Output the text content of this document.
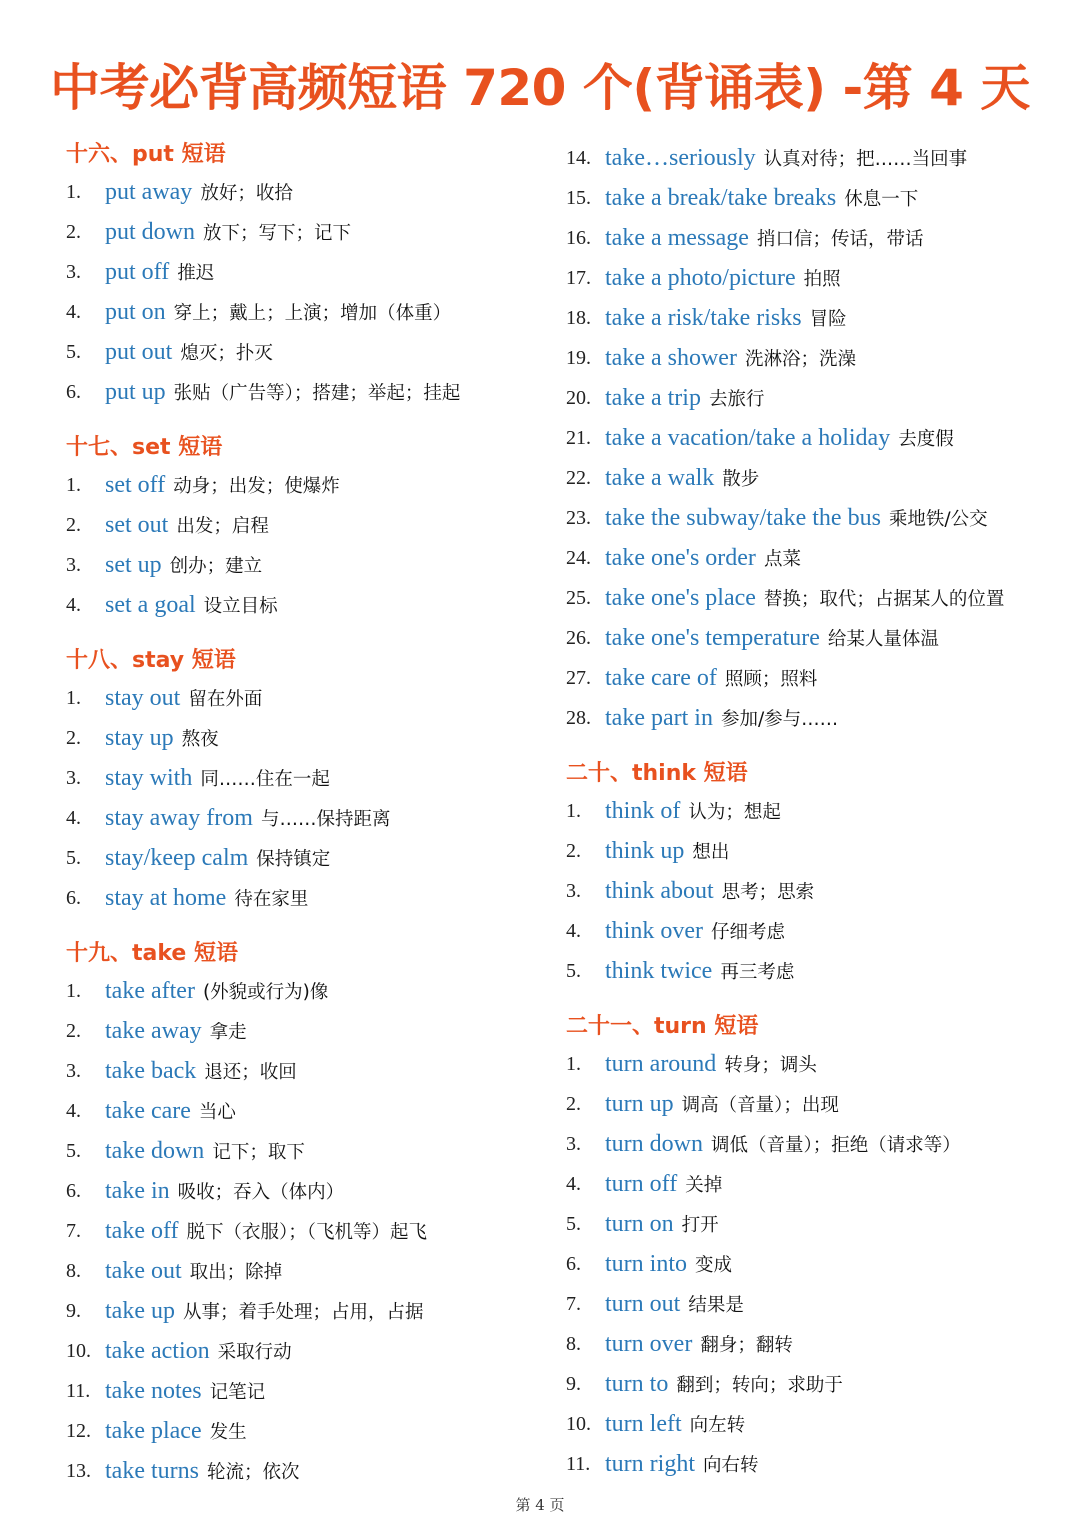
中考必背高频短语 720 个(背诵表) -第 4 天
十六、put 短语
1. put away 放好；收拾
2. put down 放下；写下；记下
3. put off 推迟
4. put on 穿上；戴上；上演；增加（体重）
5. put out 熄灭；扑灭
6. put up 张贴（广告等）；搭建；举起；挂起
十七、set 短语
1. set off 动身；出发；使爆炸
2. set out 出发；启程
3. set up 创办；建立
4. set a goal 设立目标
十八、stay 短语
1. stay out 留在外面
2. stay up 熬夜
3. stay with 同……住在一起
4. stay away from 与……保持距离
5. stay/keep calm 保持镇定
6. stay at home 待在家里
十九、take 短语
1. take after (外貌或行为)像
2. take away 拿走
3. take back 退还；收回
4. take care 当心
5. take down 记下；取下
6. take in 吸收；吞入（体内）
7. take off 脱下（衣服）；（飞机等）起飞
8. take out 取出；除掉
9. take up 从事；着手处理；占用，占据
10. take action 采取行动
11. take notes 记笔记
12. take place 发生
13. take turns 轮流；依次
14. take…seriously 认真对待；把……当回事
15. take a break/take breaks 休息一下
16. take a message 捎口信；传话，带话
17. take a photo/picture 拍照
18. take a risk/take risks 冒险
19. take a shower 洗淋浴；洗澡
20. take a trip 去旅行
21. take a vacation/take a holiday 去度假
22. take a walk 散步
23. take the subway/take the bus 乘地铁/公交
24. take one's order 点菜
25. take one's place 替换；取代；占据某人的位置
26. take one's temperature 给某人量体温
27. take care of 照顾；照料
28. take part in 参加/参与……
二十、think 短语
1. think of 认为；想起
2. think up 想出
3. think about 思考；思索
4. think over 仔细考虑
5. think twice 再三考虑
二十一、turn 短语
1. turn around 转身；调头
2. turn up 调高（音量）；出现
3. turn down 调低（音量）；拒绝（请求等）
4. turn off 关掉
5. turn on 打开
6. turn into 变成
7. turn out 结果是
8. turn over 翻身；翻转
9. turn to 翻到；转向；求助于
10. turn left 向左转
11. turn right 向右转
第 4 页
